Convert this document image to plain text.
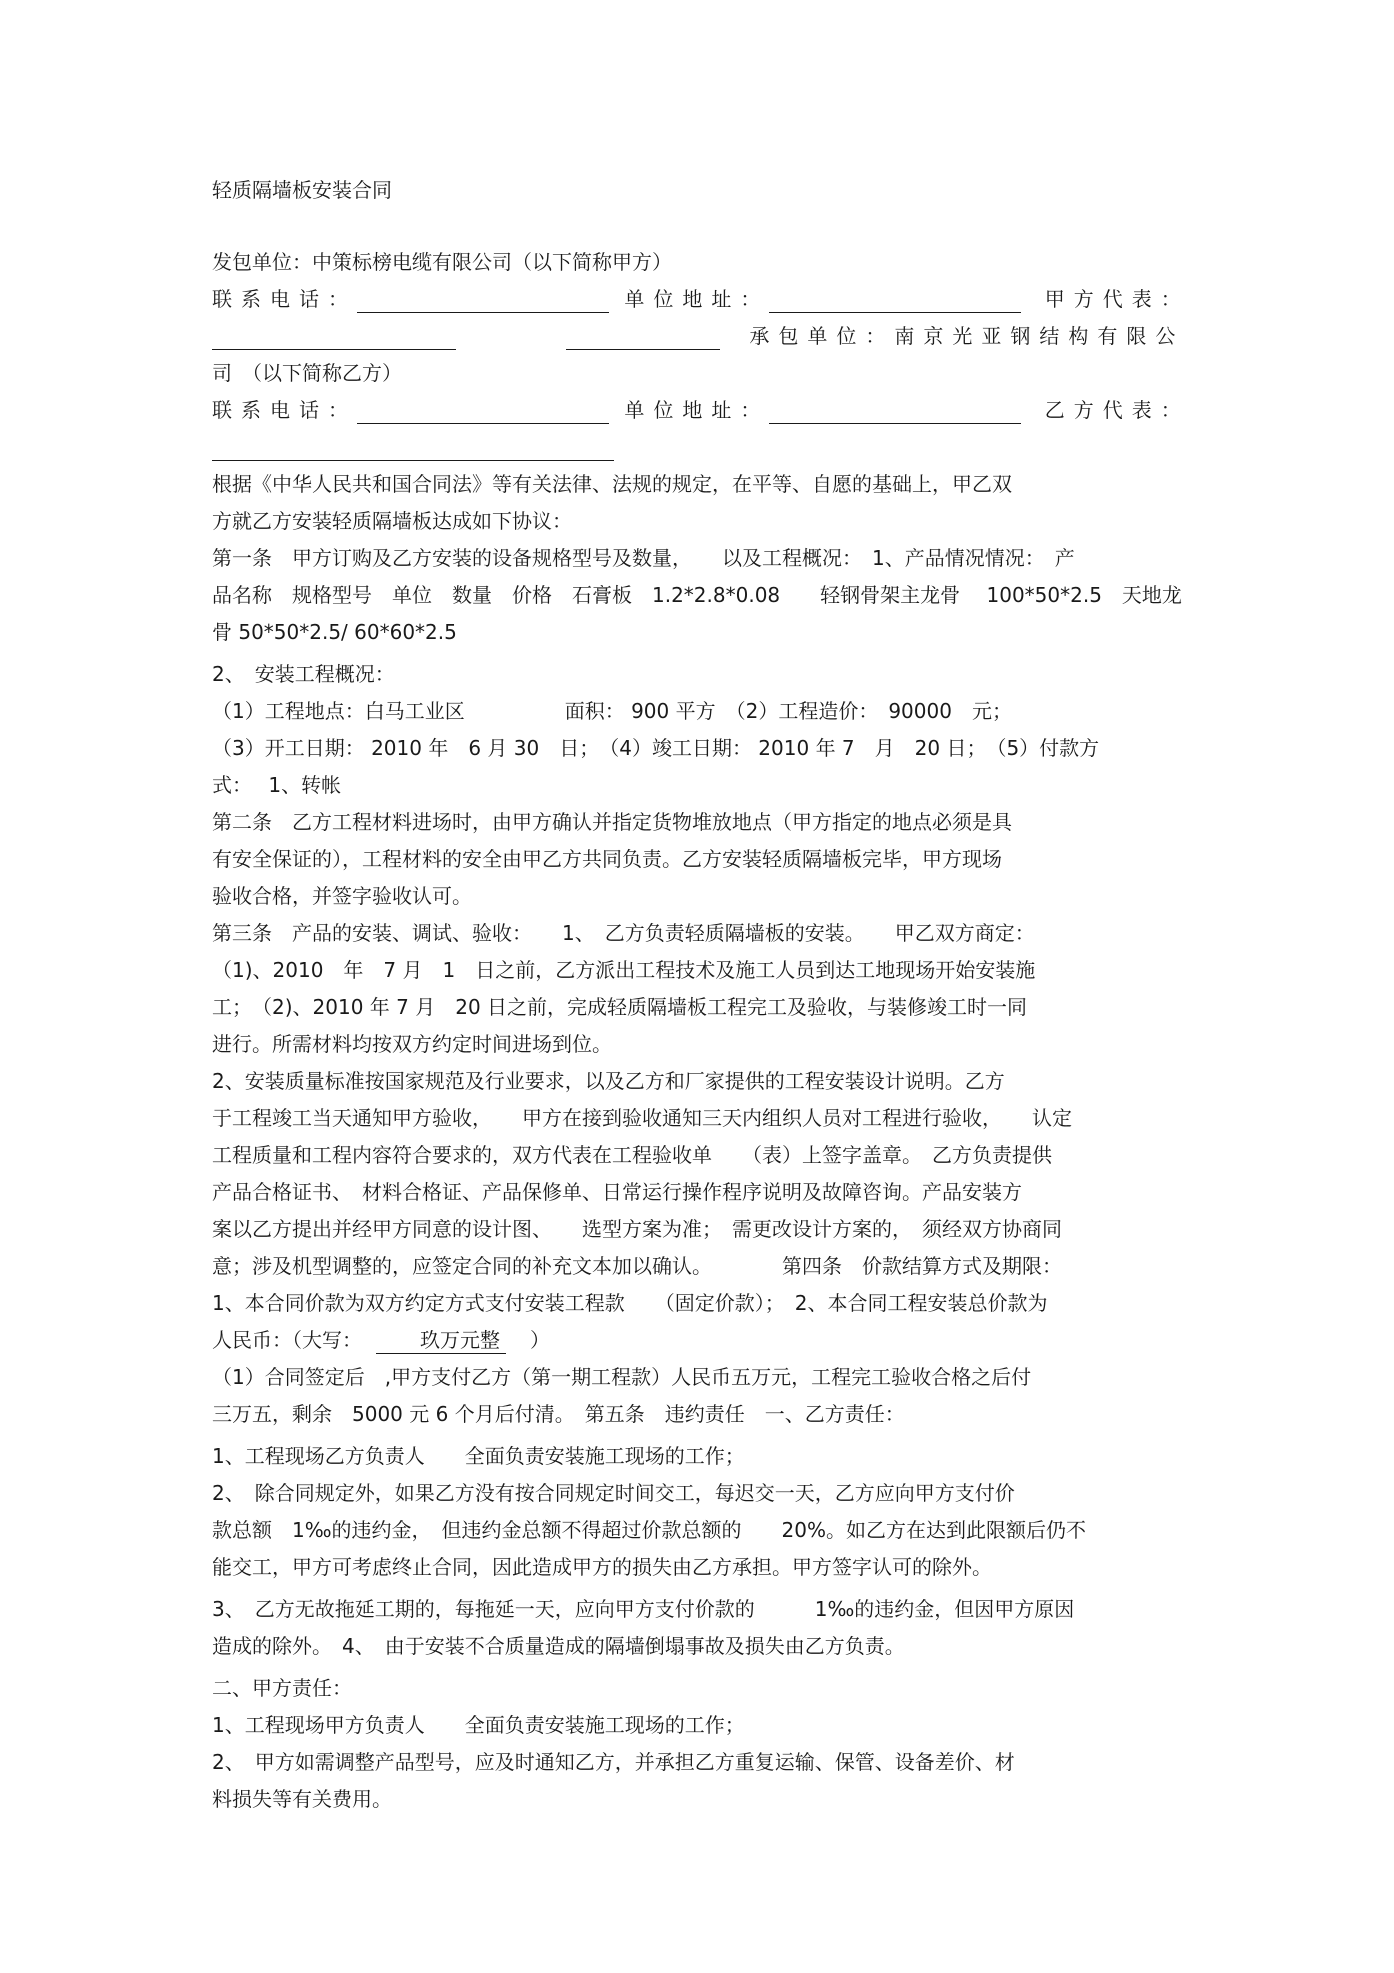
轻质隔墙板安装合同
发包单位：中策标榜电缆有限公司（以下简称甲方）
联系电话：	单位地址：	甲方代表：
承包单位：南京光亚钢结构有限公
司　（以下简称乙方）
联系电话：	单位地址：	乙方代表：
根据《中华人民共和国合同法》等有关法律、法规的规定，在平等、自愿的基础上，甲乙双
方就乙方安装轻质隔墙板达成如下协议：
第一条　甲方订购及乙方安装的设备规格型号及数量，　　以及工程概况：　1、产品情况情况：　产
品名称　规格型号　单位　数量　价格　石膏板　1.2*2.8*0.08　　轻钢骨架主龙骨　 100*50*2.5　天地龙
骨 50*50*2.5/ 60*60*2.5
2、　安装工程概况：
（1）工程地点：白马工业区　　　　　面积： 900 平方　（2）工程造价：　90000　元；
（3）开工日期： 2010 年　6 月 30　日；　（4）竣工日期： 2010 年 7　月　20 日；　（5）付款方
式：　 1、转帐
第二条　乙方工程材料进场时，由甲方确认并指定货物堆放地点（甲方指定的地点必须是具
有安全保证的），工程材料的安全由甲乙方共同负责。乙方安装轻质隔墙板完毕，甲方现场
验收合格，并签字验收认可。
第三条　产品的安装、调试、验收：　　1、　乙方负责轻质隔墙板的安装。　　甲乙双方商定：
（1)、2010　年　7 月　1　日之前，乙方派出工程技术及施工人员到达工地现场开始安装施
工；　（2)、2010 年 7 月　20 日之前，完成轻质隔墙板工程完工及验收，与装修竣工时一同
进行。所需材料均按双方约定时间进场到位。
2、安装质量标准按国家规范及行业要求，以及乙方和厂家提供的工程安装设计说明。乙方
于工程竣工当天通知甲方验收，　　甲方在接到验收通知三天内组织人员对工程进行验收，　　认定
工程质量和工程内容符合要求的，双方代表在工程验收单　　（表）上签字盖章。　乙方负责提供
产品合格证书、　材料合格证、产品保修单、日常运行操作程序说明及故障咨询。产品安装方
案以乙方提出并经甲方同意的设计图、　　选型方案为准；　需更改设计方案的，　须经双方协商同
意；涉及机型调整的，应签定合同的补充文本加以确认。　　　　第四条　价款结算方式及期限：
1、本合同价款为双方约定方式支付安装工程款　　（固定价款）；　2、本合同工程安装总价款为
人民币：（大写：	玖万元整 ）
（1）合同签定后　,甲方支付乙方（第一期工程款）人民币五万元，工程完工验收合格之后付
三万五，剩余　5000 元 6 个月后付清。　第五条　违约责任　一、乙方责任：
1、工程现场乙方负责人　　全面负责安装施工现场的工作；
2、　除合同规定外，如果乙方没有按合同规定时间交工，每迟交一天，乙方应向甲方支付价
款总额　1‰的违约金，　但违约金总额不得超过价款总额的　　20%。如乙方在达到此限额后仍不
能交工，甲方可考虑终止合同，因此造成甲方的损失由乙方承担。甲方签字认可的除外。
3、　乙方无故拖延工期的，每拖延一天，应向甲方支付价款的　　　1‰的违约金，但因甲方原因
造成的除外。　4、　由于安装不合质量造成的隔墙倒塌事故及损失由乙方负责。
二、甲方责任：
1、工程现场甲方负责人　　全面负责安装施工现场的工作；
2、　甲方如需调整产品型号，应及时通知乙方，并承担乙方重复运输、保管、设备差价、材
料损失等有关费用。
